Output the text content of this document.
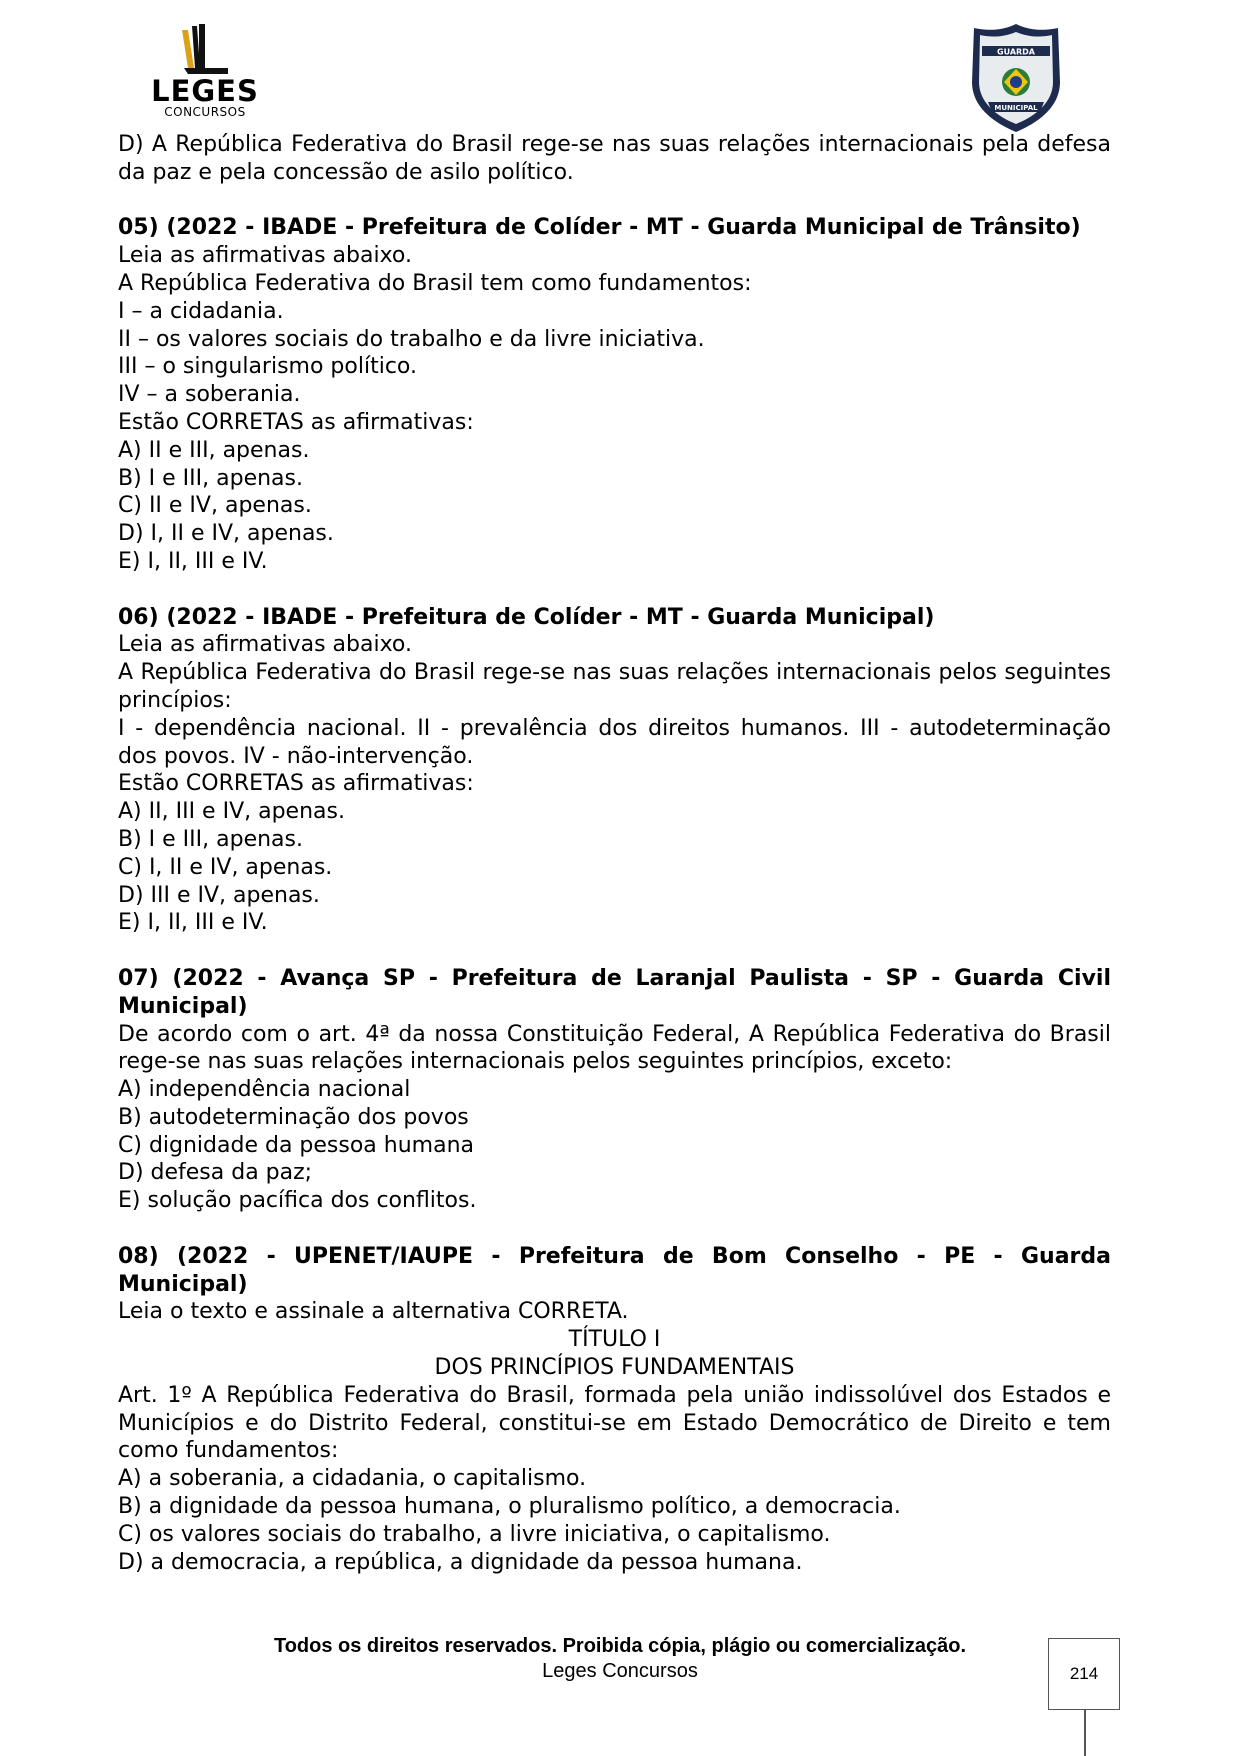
LEGES
CONCURSOS
GUARDA
MUNICIPAL

D) A República Federativa do Brasil rege-se nas suas relações internacionais pela defesa da paz e pela concessão de asilo político.

05) (2022 - IBADE - Prefeitura de Colíder - MT - Guarda Municipal de Trânsito)

Leia as afirmativas abaixo.

A República Federativa do Brasil tem como fundamentos:

I – a cidadania.

II – os valores sociais do trabalho e da livre iniciativa.

III – o singularismo político.

IV – a soberania.

Estão CORRETAS as afirmativas:

A) II e III, apenas.

B) I e III, apenas.

C) II e IV, apenas.

D) I, II e IV, apenas.

E) I, II, III e IV.

06) (2022 - IBADE - Prefeitura de Colíder - MT - Guarda Municipal)

Leia as afirmativas abaixo.

A República Federativa do Brasil rege-se nas suas relações internacionais pelos seguintes princípios:

I - dependência nacional. II - prevalência dos direitos humanos. III - autodeterminação dos povos. IV - não-intervenção.

Estão CORRETAS as afirmativas:

A) II, III e IV, apenas.

B) I e III, apenas.

C) I, II e IV, apenas.

D) III e IV, apenas.

E) I, II, III e IV.

07) (2022 - Avança SP - Prefeitura de Laranjal Paulista - SP - Guarda Civil Municipal)

De acordo com o art. 4ª da nossa Constituição Federal, A República Federativa do Brasil rege-se nas suas relações internacionais pelos seguintes princípios, exceto:

A) independência nacional

B) autodeterminação dos povos

C) dignidade da pessoa humana

D) defesa da paz;

E) solução pacífica dos conflitos.

08) (2022 - UPENET/IAUPE - Prefeitura de Bom Conselho - PE - Guarda Municipal)

Leia o texto e assinale a alternativa CORRETA.

TÍTULO I

DOS PRINCÍPIOS FUNDAMENTAIS

Art. 1º A República Federativa do Brasil, formada pela união indissolúvel dos Estados e Municípios e do Distrito Federal, constitui-se em Estado Democrático de Direito e tem como fundamentos:

A) a soberania, a cidadania, o capitalismo.

B) a dignidade da pessoa humana, o pluralismo político, a democracia.

C) os valores sociais do trabalho, a livre iniciativa, o capitalismo.

D) a democracia, a república, a dignidade da pessoa humana.

Todos os direitos reservados. Proibida cópia, plágio ou comercialização.
Leges Concursos	214
